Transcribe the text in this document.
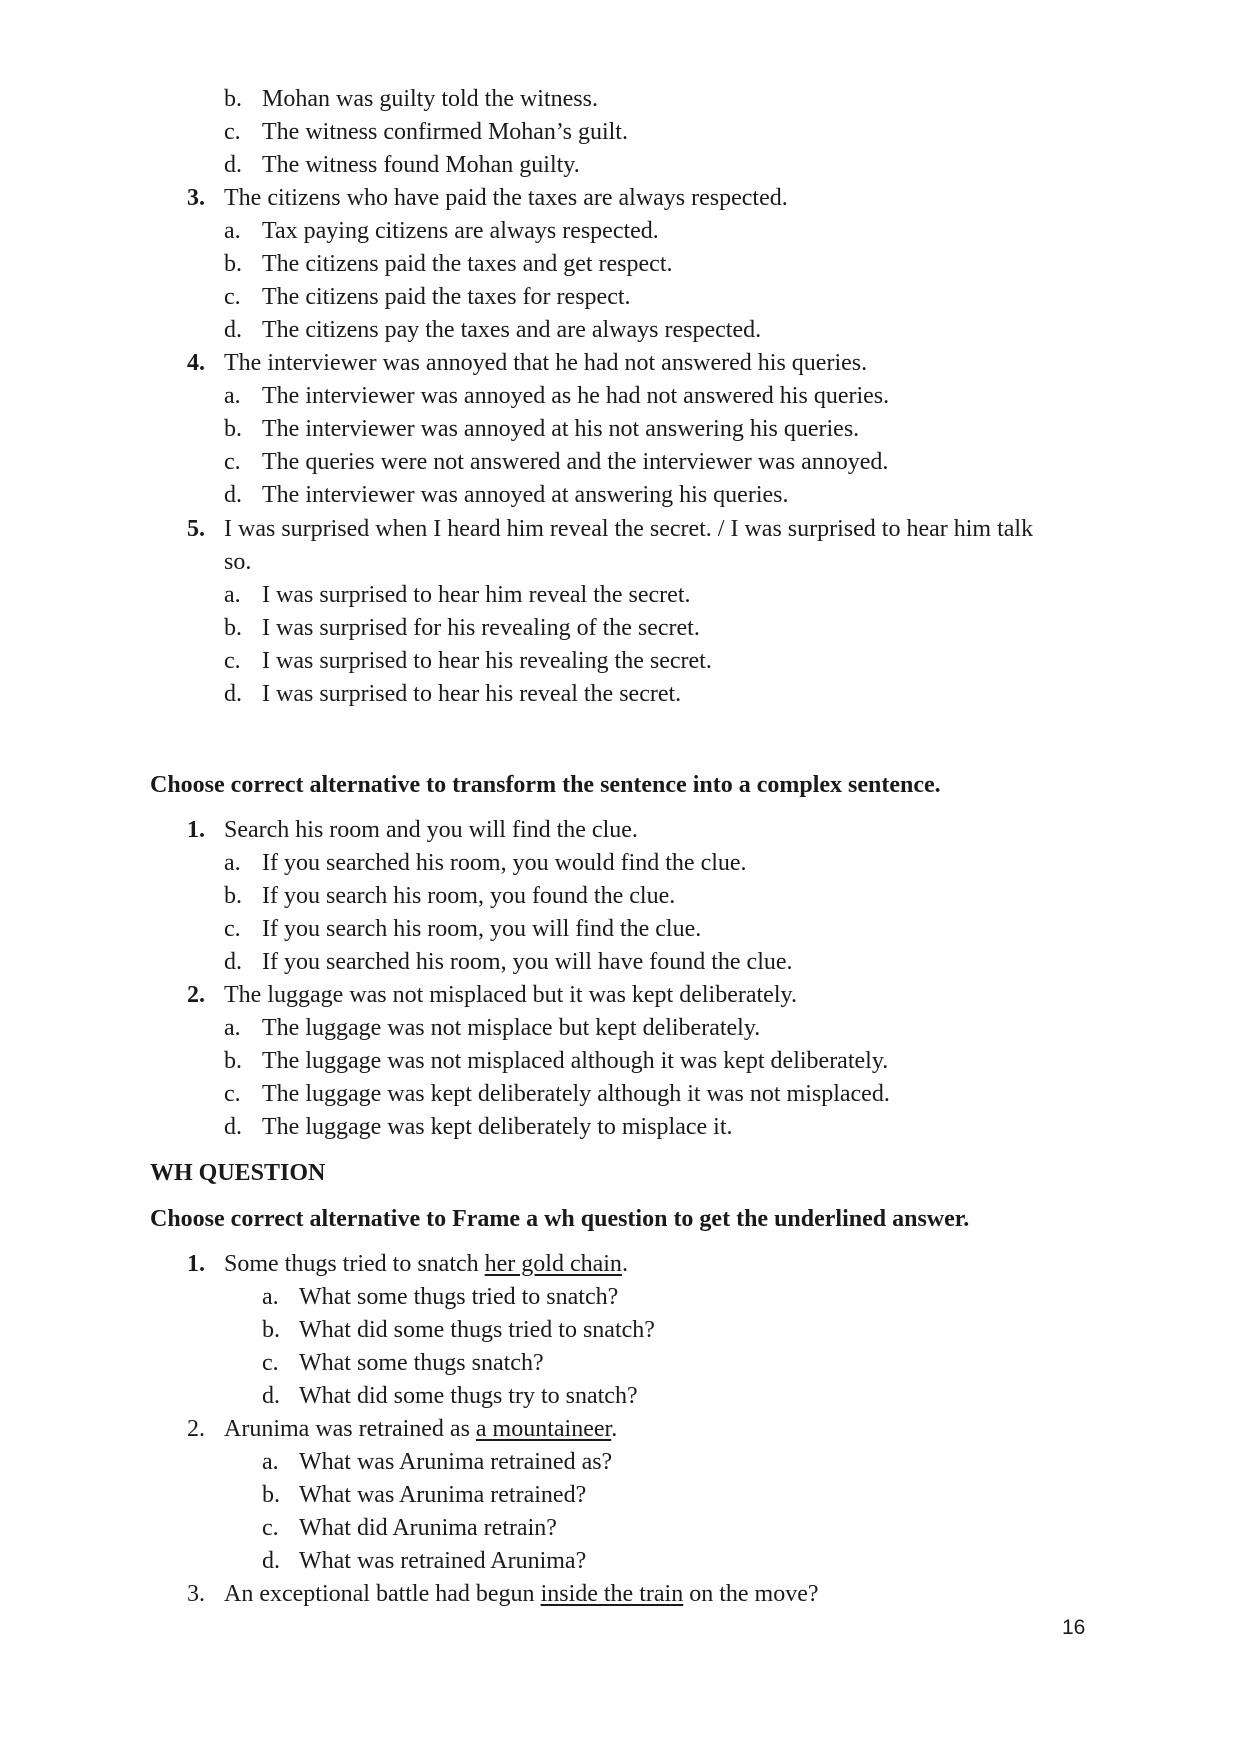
b. Mohan was guilty told the witness.
c. The witness confirmed Mohan’s guilt.
d. The witness found Mohan guilty.
3. The citizens who have paid the taxes are always respected.
a. Tax paying citizens are always respected.
b. The citizens paid the taxes and get respect.
c. The citizens paid the taxes for respect.
d. The citizens pay the taxes and are always respected.
4. The interviewer was annoyed that he had not answered his queries.
a. The interviewer was annoyed as he had not answered his queries.
b. The interviewer was annoyed at his not answering his queries.
c. The queries were not answered and the interviewer was annoyed.
d. The interviewer was annoyed at answering his queries.
5. I was surprised when I heard him reveal the secret. / I was surprised to hear him talk
so.
a. I was surprised to hear him reveal the secret.
b. I was surprised for his revealing of the secret.
c. I was surprised to hear his revealing the secret.
d. I was surprised to hear his reveal the secret.
Choose correct alternative to transform the sentence into a complex sentence.
1. Search his room and you will find the clue.
a. If you searched his room, you would find the clue.
b. If you search his room, you found the clue.
c. If you search his room, you will find the clue.
d. If you searched his room, you will have found the clue.
2. The luggage was not misplaced but it was kept deliberately.
a. The luggage was not misplace but kept deliberately.
b. The luggage was not misplaced although it was kept deliberately.
c. The luggage was kept deliberately although it was not misplaced.
d. The luggage was kept deliberately to misplace it.
WH QUESTION
Choose correct alternative to Frame a wh question to get the underlined answer.
1. Some thugs tried to snatch her gold chain.
a. What some thugs tried to snatch?
b. What did some thugs tried to snatch?
c. What some thugs snatch?
d. What did some thugs try to snatch?
2. Arunima was retrained as a mountaineer.
a. What was Arunima retrained as?
b. What was Arunima retrained?
c. What did Arunima retrain?
d. What was retrained Arunima?
3. An exceptional battle had begun inside the train on the move?
16
